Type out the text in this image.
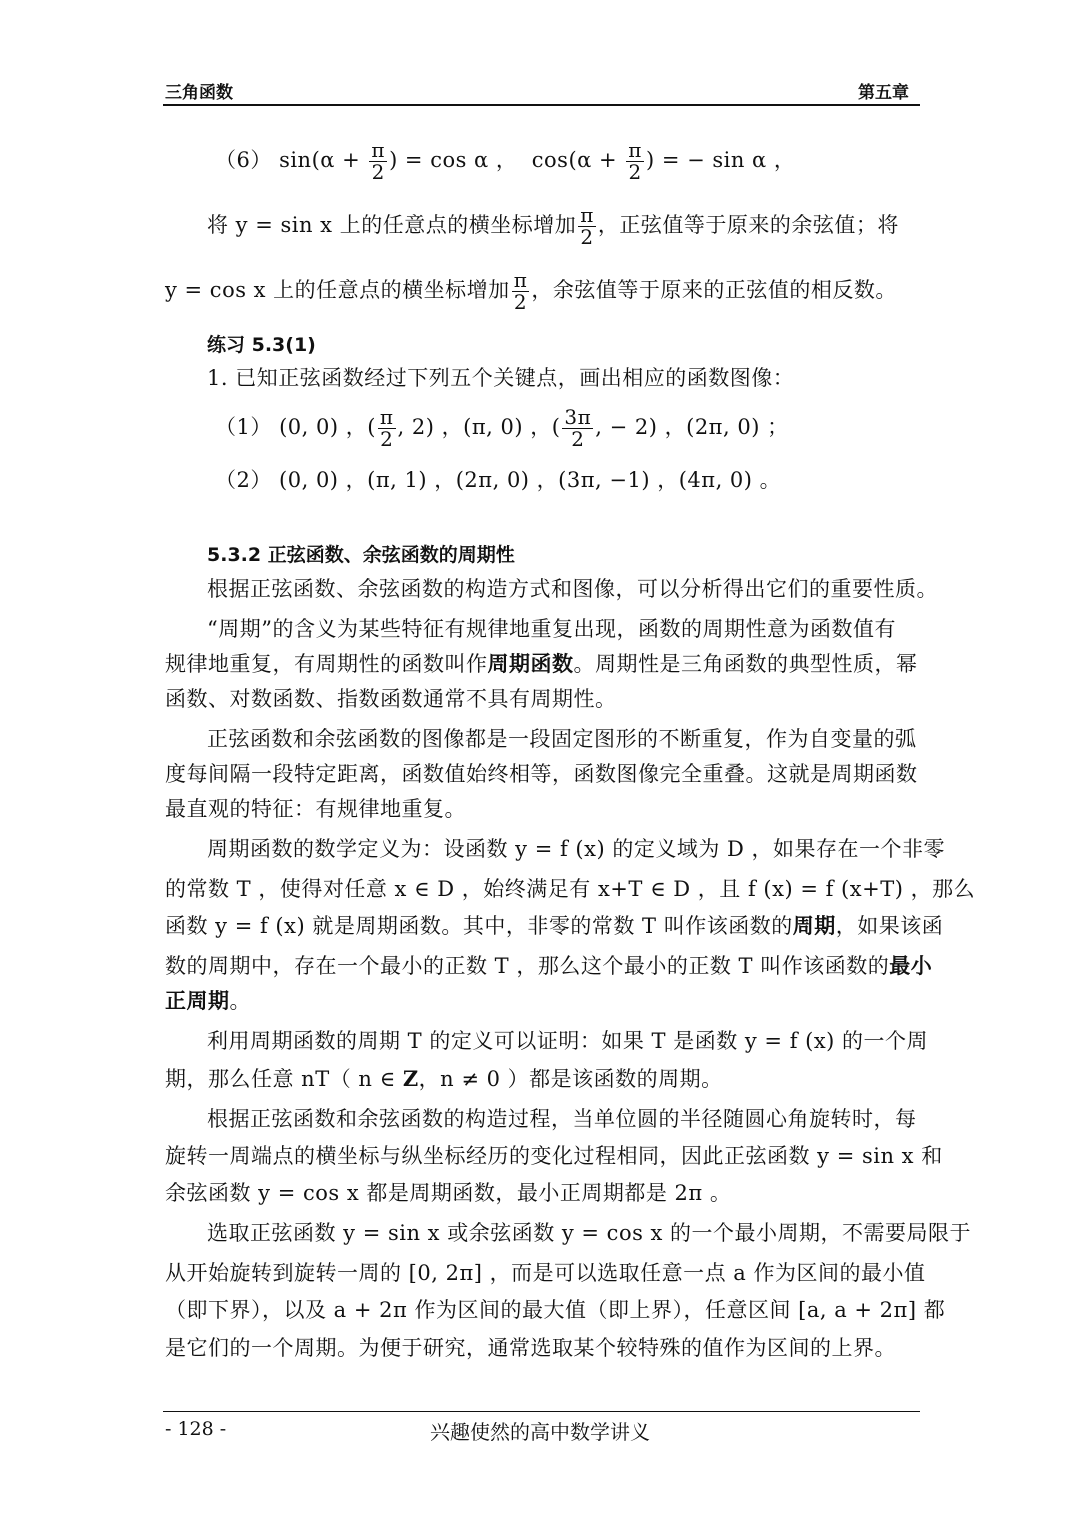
三角函数	第五章
（6） $\sin(\alpha + \frac{\pi}{2}$ ) = cos α ， $\cos(\alpha + \frac{\pi}{2}$ ) = − sin α ，
将 y = sin x 上的任意点的横坐标增加 $\frac{\pi}{2}$ ，正弦值等于原来的余弦值；将
y = cos x 上的任意点的横坐标增加 $\frac{\pi}{2}$ ，余弦值等于原来的正弦值的相反数。
练习 5.3(1)
1. 已知正弦函数经过下列五个关键点，画出相应的函数图像：
（1） (0, 0) ，( $\frac{\pi}{2}$ , 2) ，(π, 0) ，( $\frac{3\pi}{2}$ , − 2) ，(2π, 0) ；
（2） (0, 0) ，(π, 1) ，(2π, 0) ，(3π, −1) ，(4π, 0) 。
5.3.2 正弦函数、余弦函数的周期性
根据正弦函数、余弦函数的构造方式和图像，可以分析得出它们的重要性质。
“周期”的含义为某些特征有规律地重复出现，函数的周期性意为函数值有
规律地重复，有周期性的函数叫作周期函数。周期性是三角函数的典型性质，幂
函数、对数函数、指数函数通常不具有周期性。
正弦函数和余弦函数的图像都是一段固定图形的不断重复，作为自变量的弧
度每间隔一段特定距离，函数值始终相等，函数图像完全重叠。这就是周期函数
最直观的特征：有规律地重复。
周期函数的数学定义为：设函数 y = f (x) 的定义域为 D ，如果存在一个非零
的常数 T ，使得对任意 x ∈ D ，始终满足有 x+T ∈ D ，且 f (x) = f (x+T) ，那么
函数 y = f (x) 就是周期函数。其中，非零的常数 T 叫作该函数的周期，如果该函
数的周期中，存在一个最小的正数 T ，那么这个最小的正数 T 叫作该函数的最小
正周期。
利用周期函数的周期 T 的定义可以证明：如果 T 是函数 y = f (x) 的一个周
期，那么任意 nT（ n ∈ Z，n ≠ 0 ）都是该函数的周期。
根据正弦函数和余弦函数的构造过程，当单位圆的半径随圆心角旋转时，每
旋转一周端点的横坐标与纵坐标经历的变化过程相同，因此正弦函数 y = sin x 和
余弦函数 y = cos x 都是周期函数，最小正周期都是 2π 。
选取正弦函数 y = sin x 或余弦函数 y = cos x 的一个最小周期，不需要局限于
从开始旋转到旋转一周的 [0, 2π] ，而是可以选取任意一点 a 作为区间的最小值
（即下界），以及 a + 2π 作为区间的最大值（即上界），任意区间 [a, a + 2π] 都
是它们的一个周期。为便于研究，通常选取某个较特殊的值作为区间的上界。
- 128 -	兴趣使然的高中数学讲义
